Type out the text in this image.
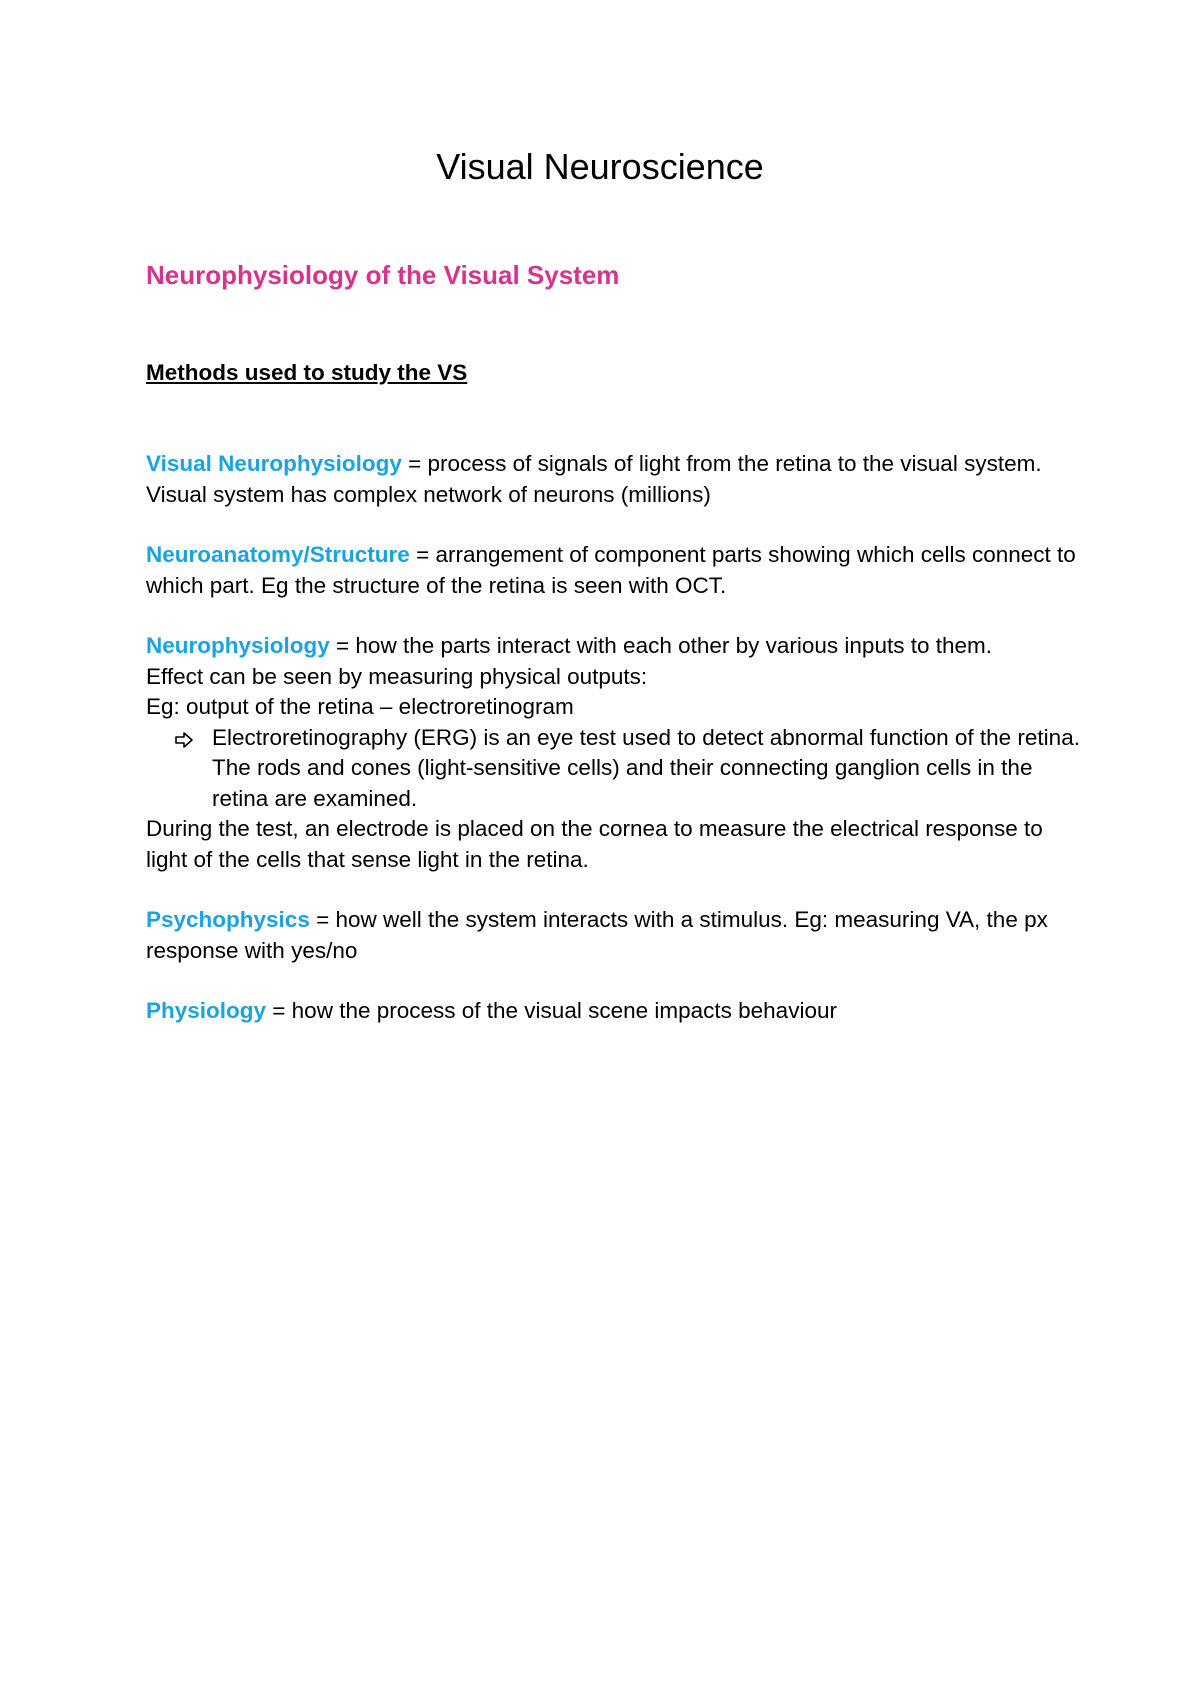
Visual Neuroscience
Neurophysiology of the Visual System
Methods used to study the VS

Visual Neurophysiology = process of signals of light from the retina to the visual system. Visual system has complex network of neurons (millions)

Neuroanatomy/Structure = arrangement of component parts showing which cells connect to which part. Eg the structure of the retina is seen with OCT.

Neurophysiology = how the parts interact with each other by various inputs to them.

Effect can be seen by measuring physical outputs:

Eg: output of the retina – electroretinogram

Electroretinography (ERG) is an eye test used to detect abnormal function of the retina. The rods and cones (light-sensitive cells) and their connecting ganglion cells in the retina are examined.

During the test, an electrode is placed on the cornea to measure the electrical response to light of the cells that sense light in the retina.

Psychophysics = how well the system interacts with a stimulus. Eg: measuring VA, the px response with yes/no

Physiology = how the process of the visual scene impacts behaviour
